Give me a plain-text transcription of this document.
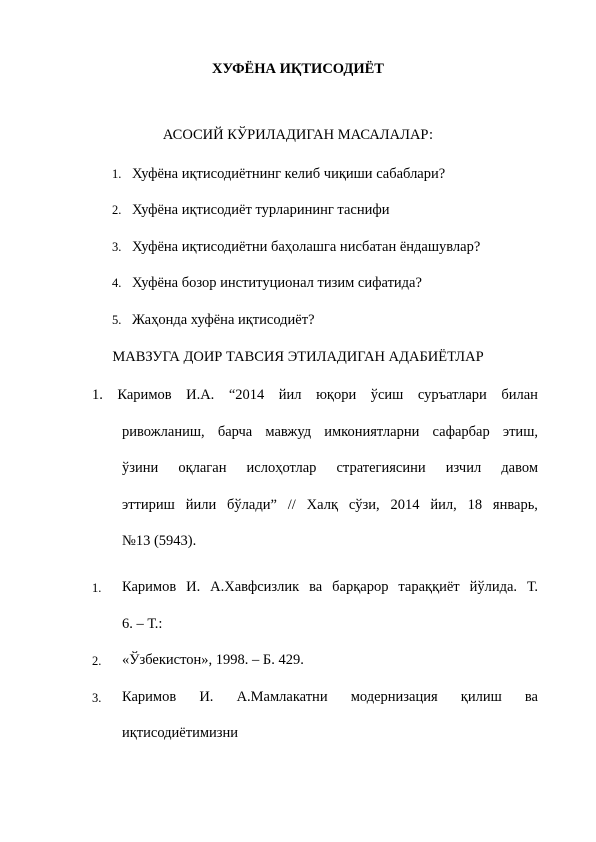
ХУФЁНА ИҚТИСОДИЁТ
АСОСИЙ КЎРИЛАДИГАН МАСАЛАЛАР:
1. Хуфёна иқтисодиётнинг келиб чиқиши сабаблари?
2. Хуфёна иқтисодиёт турларининг таснифи
3. Хуфёна иқтисодиётни баҳолашга нисбатан ёндашувлар?
4. Хуфёна бозор институционал тизим сифатида?
5. Жаҳонда хуфёна иқтисодиёт?
МАВЗУГА ДОИР ТАВСИЯ ЭТИЛАДИГАН АДАБИЁТЛАР
1. Каримов И.А. “2014 йил юқори ўсиш суръатлари билан
ривожланиш, барча мавжуд имкониятларни сафарбар этиш,
ўзини оқлаган ислоҳотлар стратегиясини изчил давом
эттириш йили бўлади” // Халқ сўзи, 2014 йил, 18 январь,
№13 (5943).
1. Каримов И. А.Хавфсизлик ва барқарор тараққиёт йўлида. Т.
6. – Т.:
2. «Ўзбекистон», 1998. – Б. 429.
3. Каримов И. А.Мамлакатни модернизация қилиш ва
иқтисодиётимизни
